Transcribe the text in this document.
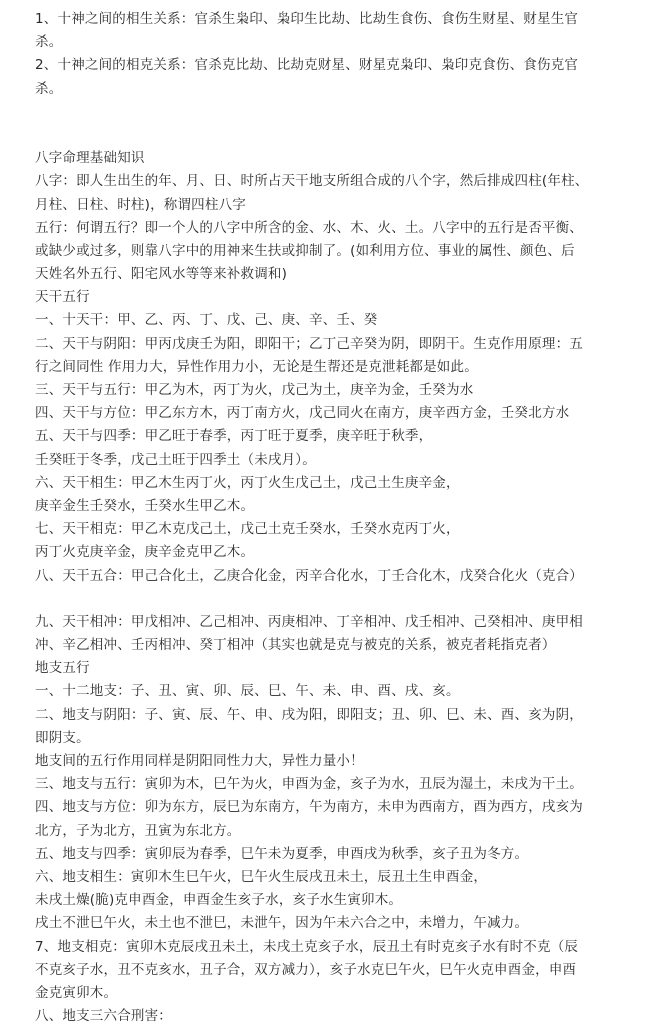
1、十神之间的相生关系：官杀生枭印、枭印生比劫、比劫生食伤、食伤生财星、财星生官
杀。
2、十神之间的相克关系：官杀克比劫、比劫克财星、财星克枭印、枭印克食伤、食伤克官
杀。
八字命理基础知识
八字：即人生出生的年、月、日、时所占天干地支所组合成的八个字，然后排成四柱(年柱、
月柱、日柱、时柱)，称谓四柱八字
五行：何谓五行？即一个人的八字中所含的金、水、木、火、土。八字中的五行是否平衡、
或缺少或过多，则靠八字中的用神来生扶或抑制了。(如利用方位、事业的属性、颜色、后
天姓名外五行、阳宅风水等等来补救调和)
天干五行
一、十天干：甲、乙、丙、丁、戊、己、庚、辛、壬、癸
二、天干与阴阳：甲丙戊庚壬为阳，即阳干；乙丁己辛癸为阴，即阴干。生克作用原理：五
行之间同性 作用力大，异性作用力小，无论是生帮还是克泄耗都是如此。
三、天干与五行：甲乙为木，丙丁为火，戊己为土，庚辛为金，壬癸为水
四、天干与方位：甲乙东方木，丙丁南方火，戊己同火在南方，庚辛西方金，壬癸北方水
五、天干与四季：甲乙旺于春季，丙丁旺于夏季，庚辛旺于秋季，
壬癸旺于冬季，戊己土旺于四季土（未戌月）。
六、天干相生：甲乙木生丙丁火，丙丁火生戊己土，戊己土生庚辛金，
庚辛金生壬癸水，壬癸水生甲乙木。
七、天干相克：甲乙木克戊己土，戊己土克壬癸水，壬癸水克丙丁火，
丙丁火克庚辛金，庚辛金克甲乙木。
八、天干五合：甲己合化土，乙庚合化金，丙辛合化水，丁壬合化木，戊癸合化火（克合）
九、天干相冲：甲戊相冲、乙己相冲、丙庚相冲、丁辛相冲、戊壬相冲、己癸相冲、庚甲相
冲、辛乙相冲、壬丙相冲、癸丁相冲（其实也就是克与被克的关系，被克者耗指克者）
地支五行
一、十二地支：子、丑、寅、卯、辰、巳、午、未、申、酉、戌、亥。
二、地支与阴阳：子、寅、辰、午、申、戌为阳，即阳支；丑、卯、巳、未、酉、亥为阴，
即阴支。
地支间的五行作用同样是阴阳同性力大，异性力量小！
三、地支与五行：寅卯为木，巳午为火，申酉为金，亥子为水，丑辰为湿土，未戌为干土。
四、地支与方位：卯为东方，辰巳为东南方，午为南方，未申为西南方，酉为西方，戌亥为
北方，子为北方，丑寅为东北方。
五、地支与四季：寅卯辰为春季，巳午未为夏季，申酉戌为秋季，亥子丑为冬方。
六、地支相生：寅卯木生巳午火，巳午火生辰戌丑未土，辰丑土生申酉金，
未戌土燥(脆)克申酉金，申酉金生亥子水，亥子水生寅卯木。
戌土不泄巳午火，未土也不泄巳，未泄午，因为午未六合之中，未增力，午减力。
7、地支相克：寅卯木克辰戌丑未土，未戌土克亥子水，辰丑土有时克亥子水有时不克（辰
不克亥子水，丑不克亥水，丑子合，双方减力），亥子水克巳午火，巳午火克申酉金，申酉
金克寅卯木。
八、地支三六合刑害：
